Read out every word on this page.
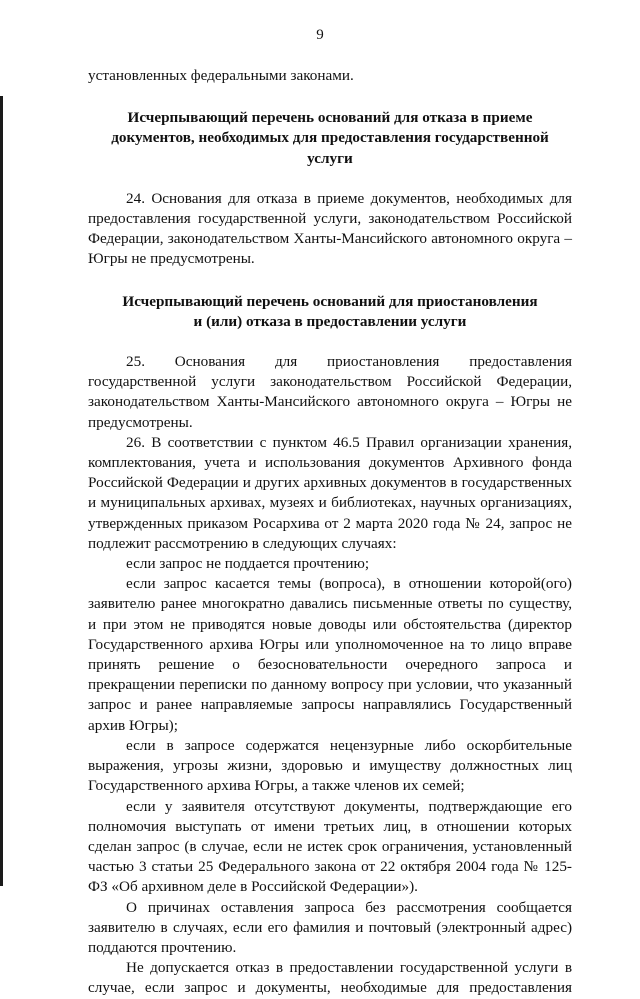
9

установленных федеральными законами.

Исчерпывающий перечень оснований для отказа в приеме

документов, необходимых для предоставления государственной услуги

24. Основания для отказа в приеме документов, необходимых для предоставления государственной услуги, законодательством Российской Федерации, законодательством Ханты-Мансийского автономного округа – Югры не предусмотрены.

Исчерпывающий перечень оснований для приостановления

и (или) отказа в предоставлении услуги

25. Основания для приостановления предоставления государственной услуги законодательством Российской Федерации, законодательством Ханты-Мансийского автономного округа – Югры не предусмотрены.

26. В соответствии с пунктом 46.5 Правил организации хранения, комплектования, учета и использования документов Архивного фонда Российской Федерации и других архивных документов в государственных и муниципальных архивах, музеях и библиотеках, научных организациях, утвержденных приказом Росархива от 2 марта 2020 года № 24, запрос не подлежит рассмотрению в следующих случаях:

если запрос не поддается прочтению;

если запрос касается темы (вопроса), в отношении которой(ого) заявителю ранее многократно давались письменные ответы по существу, и при этом не приводятся новые доводы или обстоятельства (директор Государственного архива Югры или уполномоченное на то лицо вправе принять решение о безосновательности очередного запроса и прекращении переписки по данному вопросу при условии, что указанный запрос и ранее направляемые запросы направлялись Государственный архив Югры);

если в запросе содержатся нецензурные либо оскорбительные выражения, угрозы жизни, здоровью и имуществу должностных лиц Государственного архива Югры, а также членов их семей;

если у заявителя отсутствуют документы, подтверждающие его полномочия выступать от имени третьих лиц, в отношении которых сделан запрос (в случае, если не истек срок ограничения, установленный частью 3 статьи 25 Федерального закона от 22 октября 2004 года № 125-ФЗ «Об архивном деле в Российской Федерации»).

О причинах оставления запроса без рассмотрения сообщается заявителю в случаях, если его фамилия и почтовый (электронный адрес) поддаются прочтению.

Не допускается отказ в предоставлении государственной услуги в случае, если запрос и документы, необходимые для предоставления
